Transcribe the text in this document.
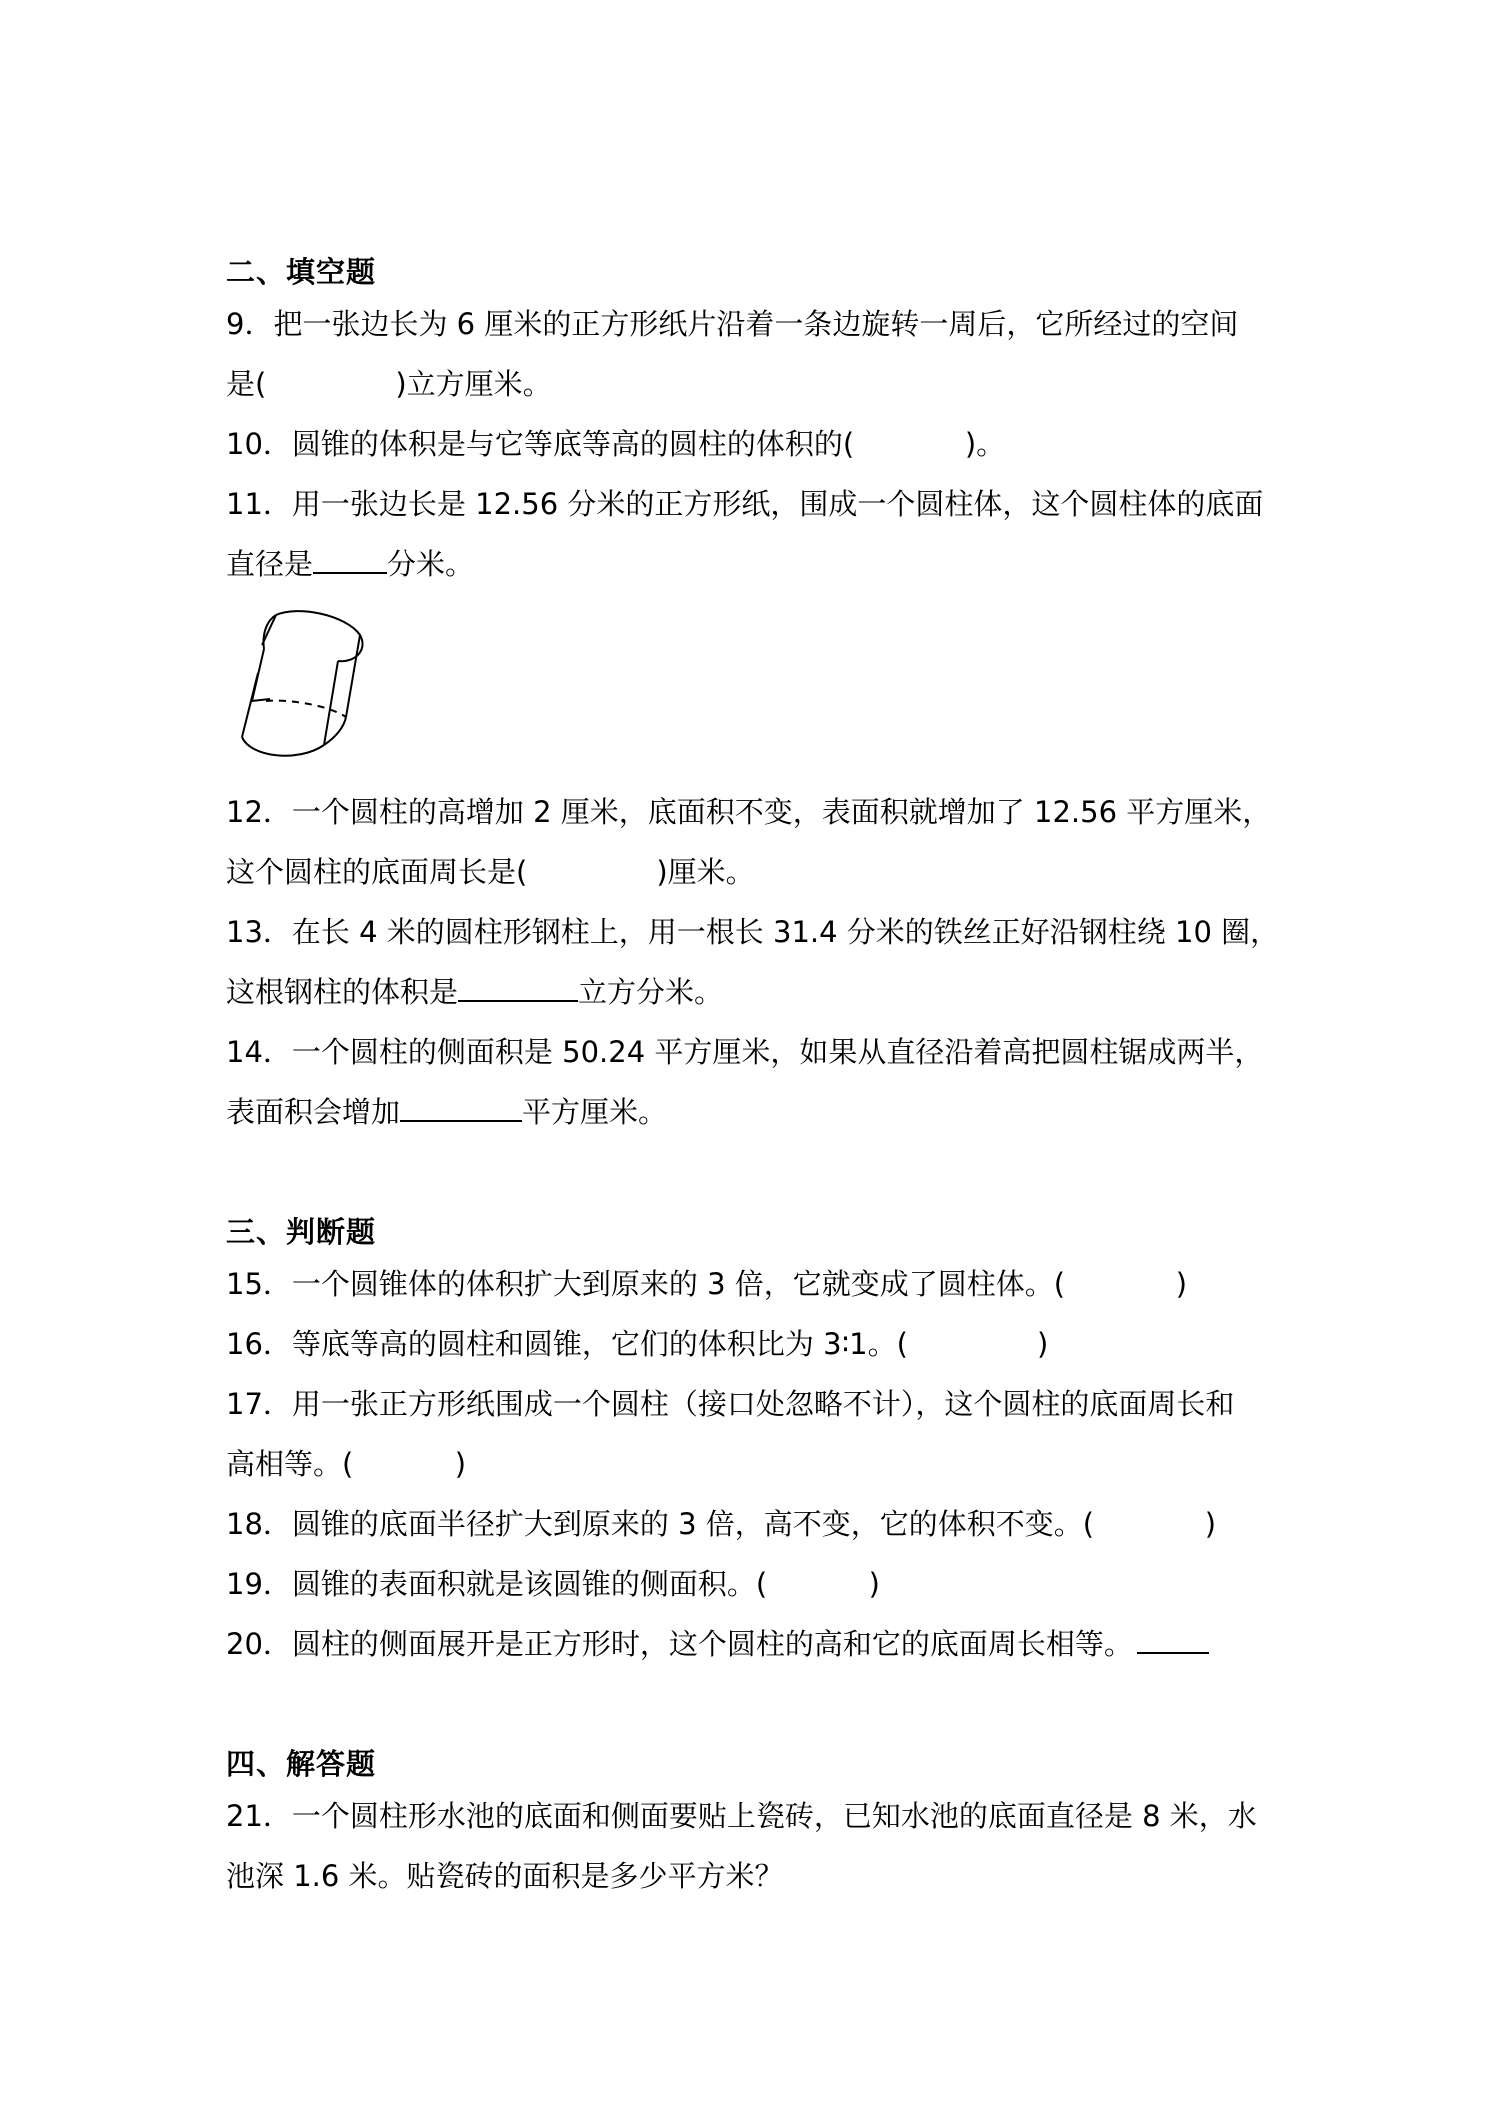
二、填空题
9．把一张边长为 6 厘米的正方形纸片沿着一条边旋转一周后，它所经过的空间
是(              )立方厘米。
10．圆锥的体积是与它等底等高的圆柱的体积的(            )。
11．用一张边长是 12.56 分米的正方形纸，围成一个圆柱体，这个圆柱体的底面
直径是	分米。
12．一个圆柱的高增加 2 厘米，底面积不变，表面积就增加了 12.56 平方厘米，
这个圆柱的底面周长是(              )厘米。
13．在长 4 米的圆柱形钢柱上，用一根长 31.4 分米的铁丝正好沿钢柱绕 10 圈，
这根钢柱的体积是	立方分米。
14．一个圆柱的侧面积是 50.24 平方厘米，如果从直径沿着高把圆柱锯成两半，
表面积会增加	平方厘米。
三、判断题
15．一个圆锥体的体积扩大到原来的 3 倍，它就变成了圆柱体。(            )
16．等底等高的圆柱和圆锥，它们的体积比为 3∶1。(              )
17．用一张正方形纸围成一个圆柱（接口处忽略不计），这个圆柱的底面周长和
高相等。(           )
18．圆锥的底面半径扩大到原来的 3 倍，高不变，它的体积不变。(            )
19．圆锥的表面积就是该圆锥的侧面积。(           )
20．圆柱的侧面展开是正方形时，这个圆柱的高和它的底面周长相等。
四、解答题
21．一个圆柱形水池的底面和侧面要贴上瓷砖，已知水池的底面直径是 8 米，水
池深 1.6 米。贴瓷砖的面积是多少平方米？
